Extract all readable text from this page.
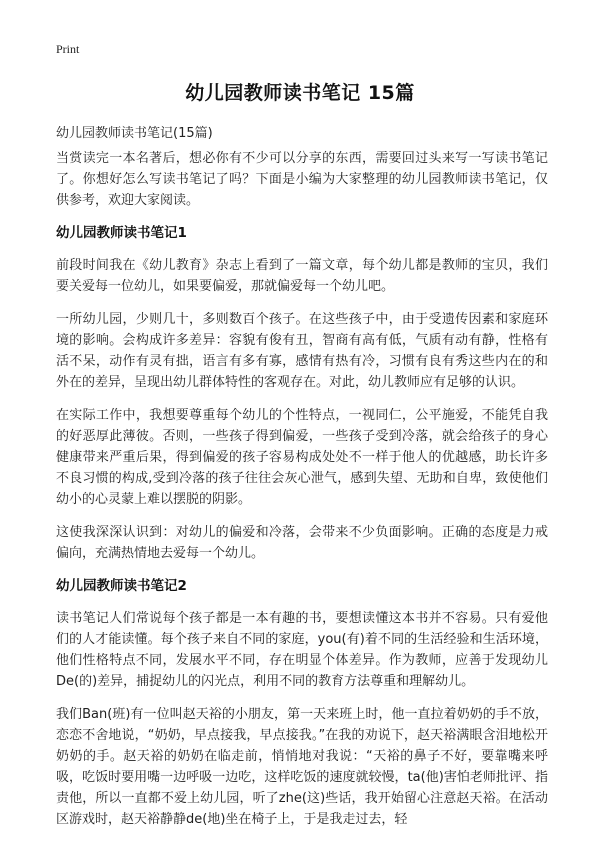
Print
幼儿园教师读书笔记 15篇
幼儿园教师读书笔记(15篇)

当赏读完一本名著后，想必你有不少可以分享的东西，需要回过头来写一写读书笔记了。你想好怎么写读书笔记了吗？下面是小编为大家整理的幼儿园教师读书笔记，仅供参考，欢迎大家阅读。

幼儿园教师读书笔记1

前段时间我在《幼儿教育》杂志上看到了一篇文章，每个幼儿都是教师的宝贝，我们要关爱每一位幼儿，如果要偏爱，那就偏爱每一个幼儿吧。

一所幼儿园，少则几十，多则数百个孩子。在这些孩子中，由于受遗传因素和家庭环境的影响。会构成许多差异：容貌有俊有丑，智商有高有低，气质有动有静，性格有活不呆，动作有灵有拙，语言有多有寡，感情有热有冷，习惯有良有秀这些内在的和外在的差异，呈现出幼儿群体特性的客观存在。对此，幼儿教师应有足够的认识。

在实际工作中，我想要尊重每个幼儿的个性特点，一视同仁，公平施爱，不能凭自我的好恶厚此薄彼。否则，一些孩子得到偏爱，一些孩子受到冷落，就会给孩子的身心健康带来严重后果，得到偏爱的孩子容易构成处处不一样于他人的优越感，助长许多不良习惯的构成,受到冷落的孩子往往会灰心泄气，感到失望、无助和自卑，致使他们幼小的心灵蒙上难以摆脱的阴影。

这使我深深认识到：对幼儿的偏爱和冷落，会带来不少负面影响。正确的态度是力戒偏向，充满热情地去爱每一个幼儿。

幼儿园教师读书笔记2

读书笔记人们常说每个孩子都是一本有趣的书，要想读懂这本书并不容易。只有爱他们的人才能读懂。每个孩子来自不同的家庭，you(有)着不同的生活经验和生活环境，他们性格特点不同，发展水平不同，存在明显个体差异。作为教师，应善于发现幼儿De(的)差异，捕捉幼儿的闪光点，利用不同的教育方法尊重和理解幼儿。

我们Ban(班)有一位叫赵天裕的小朋友，第一天来班上时，他一直拉着奶奶的手不放，恋恋不舍地说，“奶奶，早点接我，早点接我。”在我的劝说下，赵天裕满眼含泪地松开奶奶的手。赵天裕的奶奶在临走前，悄悄地对我说：“天裕的鼻子不好，要靠嘴来呼吸，吃饭时要用嘴一边呼吸一边吃，这样吃饭的速度就较慢，ta(他)害怕老师批评、指责他，所以一直都不爱上幼儿园，听了zhe(这)些话，我开始留心注意赵天裕。在活动区游戏时，赵天裕静静de(地)坐在椅子上，于是我走过去，轻
